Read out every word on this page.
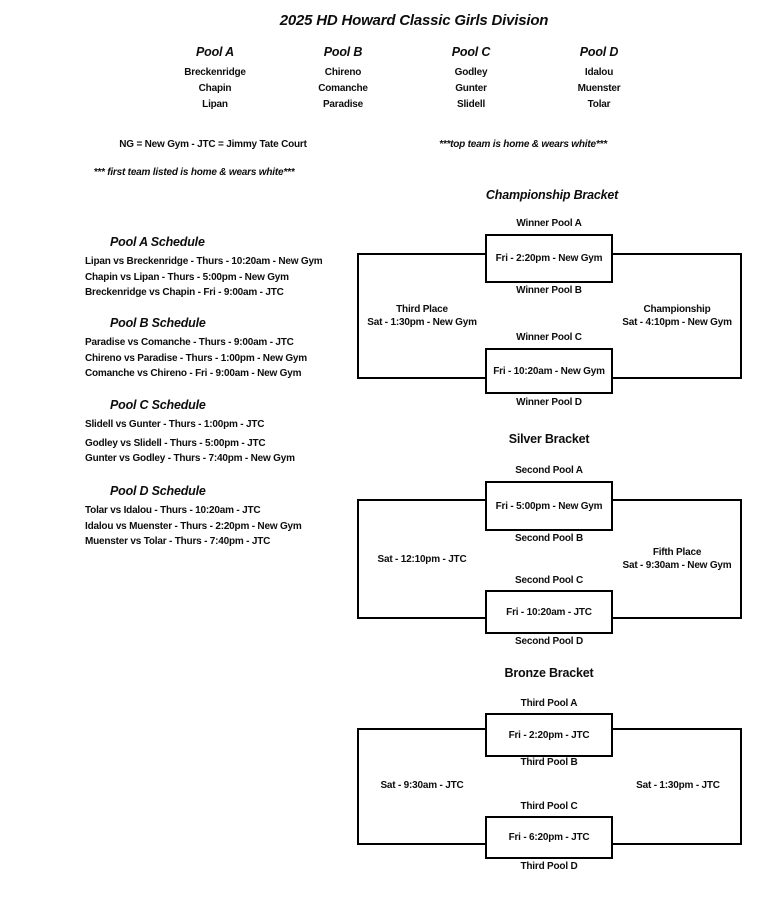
2025 HD Howard Classic Girls Division
Pool A
Breckenridge
Chapin
Lipan
Pool B
Chireno
Comanche
Paradise
Pool C
Godley
Gunter
Slidell
Pool D
Idalou
Muenster
Tolar
NG = New Gym - JTC = Jimmy Tate Court	***top team is home & wears white***
*** first team listed is home & wears white***
Pool A Schedule
Lipan vs Breckenridge - Thurs - 10:20am - New Gym
Chapin vs Lipan - Thurs - 5:00pm - New Gym
Breckenridge vs Chapin - Fri - 9:00am - JTC
Pool B Schedule
Paradise vs Comanche - Thurs - 9:00am - JTC
Chireno vs Paradise - Thurs - 1:00pm - New Gym
Comanche vs Chireno - Fri - 9:00am - New Gym
Pool C Schedule
Slidell vs Gunter - Thurs - 1:00pm - JTC
Godley vs Slidell - Thurs - 5:00pm - JTC
Gunter vs Godley - Thurs - 7:40pm - New Gym
Pool D Schedule
Tolar vs Idalou - Thurs - 10:20am - JTC
Idalou vs Muenster - Thurs - 2:20pm - New Gym
Muenster vs Tolar - Thurs - 7:40pm - JTC
Championship Bracket
Winner Pool A
Fri - 2:20pm - New Gym
Winner Pool B
Winner Pool C
Fri - 10:20am - New Gym
Winner Pool D
Third Place
Sat - 1:30pm - New Gym
Championship
Sat - 4:10pm - New Gym
Silver Bracket
Second Pool A
Fri - 5:00pm - New Gym
Second Pool B
Second Pool C
Fri - 10:20am - JTC
Second Pool D
Sat - 12:10pm - JTC
Fifth Place
Sat - 9:30am - New Gym
Bronze Bracket
Third Pool A
Fri - 2:20pm - JTC
Third Pool B
Third Pool C
Fri - 6:20pm - JTC
Third Pool D
Sat - 9:30am - JTC	Sat - 1:30pm - JTC
